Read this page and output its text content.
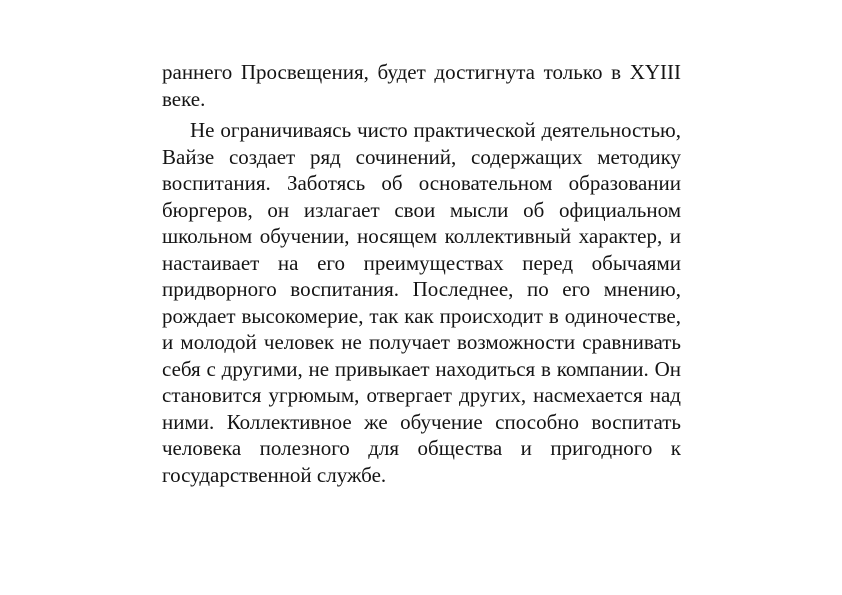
раннего Просвещения, будет достигнута только в XYIII веке.

Не ограничиваясь чисто практической деятельностью, Вайзе создает ряд сочинений, содержащих методику воспитания. Заботясь об основательном образовании бюргеров, он излагает свои мысли об официальном школьном обучении, носящем коллективный характер, и настаивает на его преимуществах перед обычаями придворного воспитания. Последнее, по его мнению, рождает высокомерие, так как происходит в одиночестве, и молодой человек не получает возможности сравнивать себя с другими, не привыкает находиться в компании. Он становится угрюмым, отвергает других, насмехается над ними. Коллективное же обучение способно воспитать человека полезного для общества и пригодного к государственной службе.
